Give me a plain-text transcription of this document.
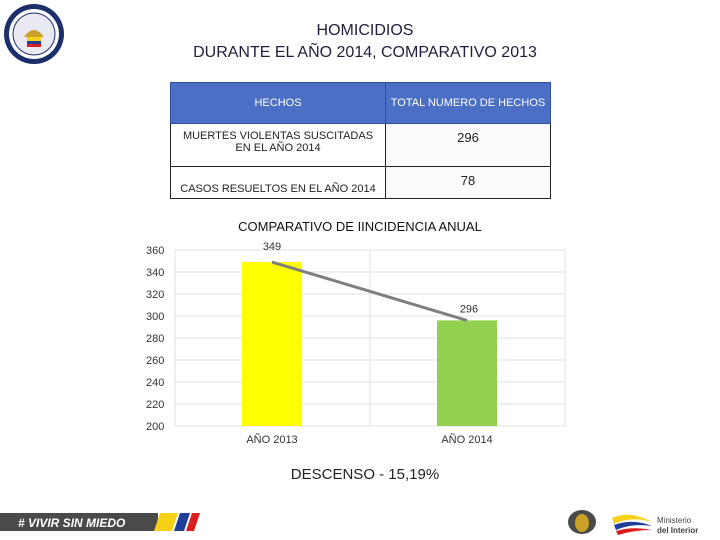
HOMICIDIOS
DURANTE EL AÑO 2014, COMPARATIVO 2013
HECHOS	TOTAL NUMERO DE HECHOS
MUERTES VIOLENTAS SUSCITADAS EN EL AÑO 2014	296
CASOS RESUELTOS EN EL AÑO 2014	78
COMPARATIVO DE IINCIDENCIA ANUAL
200
220
240
260
280
300
320
340
360	349
296
AÑO 2013	AÑO 2014
DESCENSO - 15,19%
# VIVIR SIN MIEDO	Ministerio
del Interior
